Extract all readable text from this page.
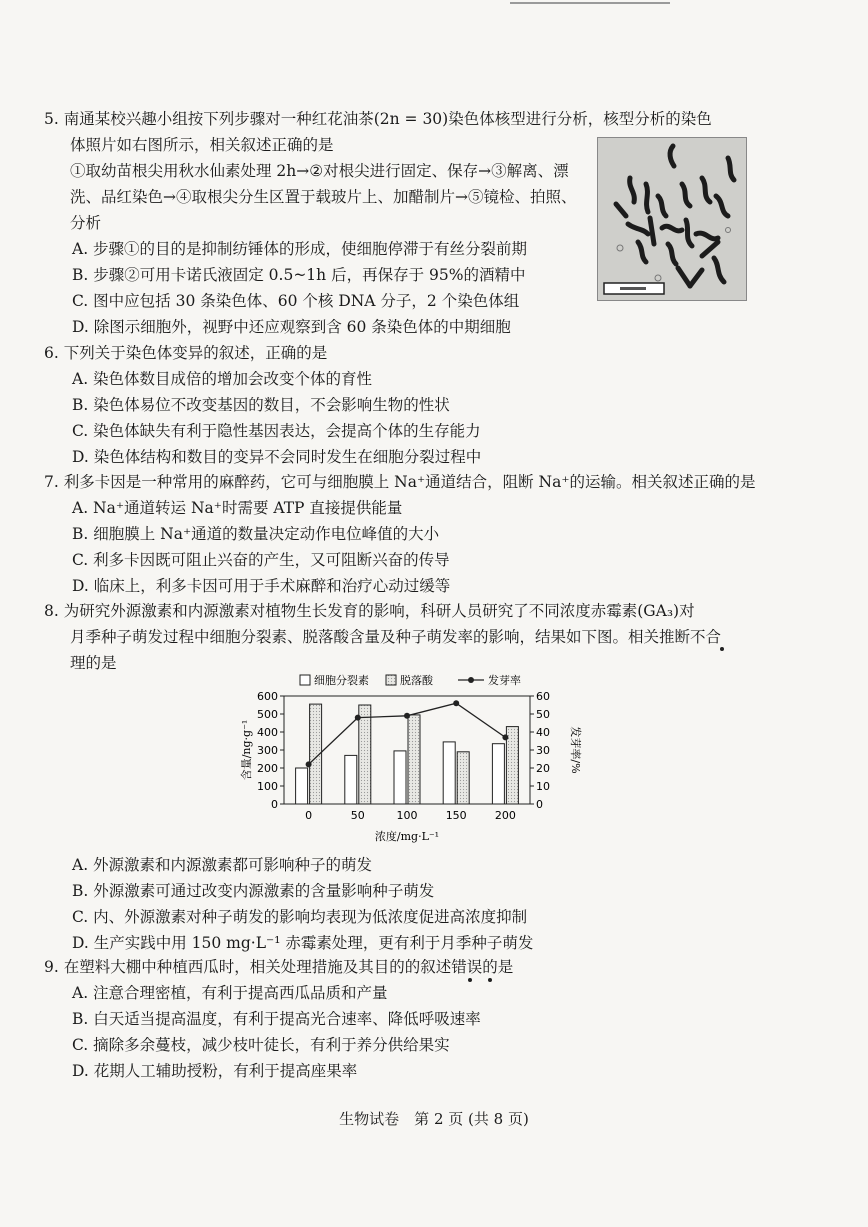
5. 南通某校兴趣小组按下列步骤对一种红花油茶(2n = 30)染色体核型进行分析，核型分析的染色
体照片如右图所示，相关叙述正确的是
①取幼苗根尖用秋水仙素处理 2h→②对根尖进行固定、保存→③解离、漂
洗、品红染色→④取根尖分生区置于载玻片上、加醋制片→⑤镜检、拍照、
分析
A. 步骤①的目的是抑制纺锤体的形成，使细胞停滞于有丝分裂前期
B. 步骤②可用卡诺氏液固定 0.5~1h 后，再保存于 95%的酒精中
C. 图中应包括 30 条染色体、60 个核 DNA 分子，2 个染色体组
D. 除图示细胞外，视野中还应观察到含 60 条染色体的中期细胞
6. 下列关于染色体变异的叙述，正确的是
A. 染色体数目成倍的增加会改变个体的育性
B. 染色体易位不改变基因的数目，不会影响生物的性状
C. 染色体缺失有利于隐性基因表达，会提高个体的生存能力
D. 染色体结构和数目的变异不会同时发生在细胞分裂过程中
7. 利多卡因是一种常用的麻醉药，它可与细胞膜上 Na⁺通道结合，阻断 Na⁺的运输。相关叙述正确的是
A. Na⁺通道转运 Na⁺时需要 ATP 直接提供能量
B. 细胞膜上 Na⁺通道的数量决定动作电位峰值的大小
C. 利多卡因既可阻止兴奋的产生，又可阻断兴奋的传导
D. 临床上，利多卡因可用于手术麻醉和治疗心动过缓等
8. 为研究外源激素和内源激素对植物生长发育的影响，科研人员研究了不同浓度赤霉素(GA₃)对
月季种子萌发过程中细胞分裂素、脱落酸含量及种子萌发率的影响，结果如下图。相关推断不合
理的是
0
100
200
300
400
500
600
0
10
20
30
40
50
60
0	50	100	150	200
浓度/mg·L⁻¹
含量/ng·g⁻¹	发芽率/%
细胞分裂素	脱落酸	发芽率
A. 外源激素和内源激素都可影响种子的萌发
B. 外源激素可通过改变内源激素的含量影响种子萌发
C. 内、外源激素对种子萌发的影响均表现为低浓度促进高浓度抑制
D. 生产实践中用 150 mg·L⁻¹ 赤霉素处理，更有利于月季种子萌发
9. 在塑料大棚中种植西瓜时，相关处理措施及其目的的叙述错误的是
A. 注意合理密植，有利于提高西瓜品质和产量
B. 白天适当提高温度，有利于提高光合速率、降低呼吸速率
C. 摘除多余蔓枝，减少枝叶徒长，有利于养分供给果实
D. 花期人工辅助授粉，有利于提高座果率
生物试卷　第 2 页 (共 8 页)
